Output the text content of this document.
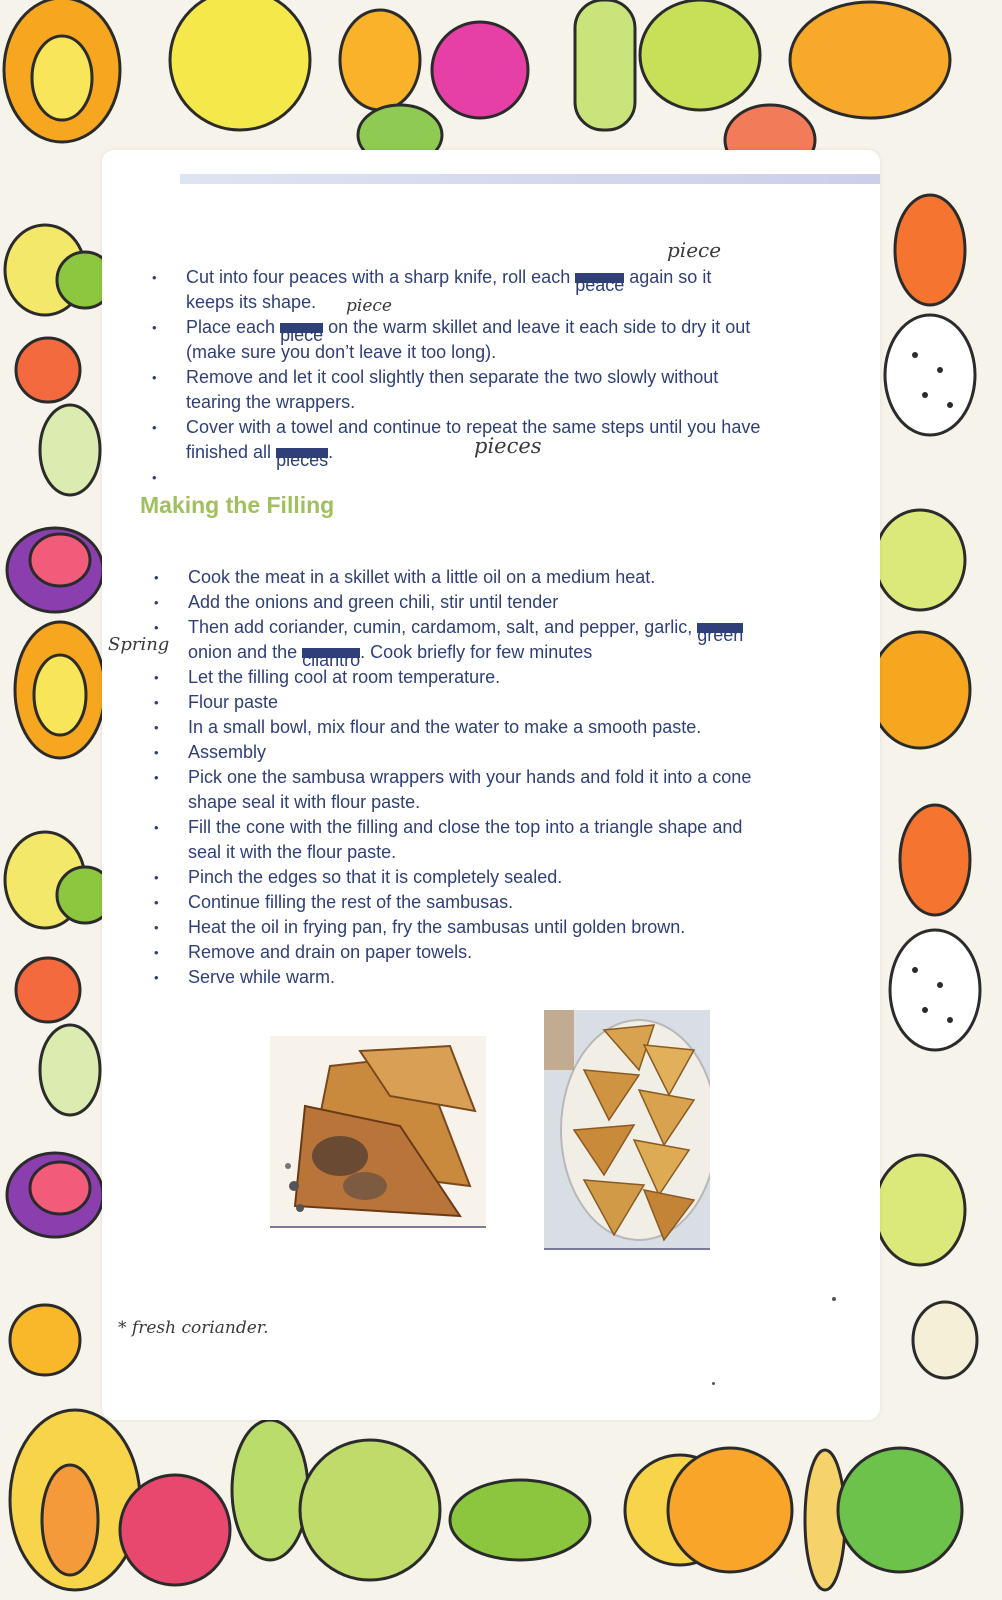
• Cut into four peaces with a sharp knife, roll each peace again so it keeps its shape.
• Place each piece on the warm skillet and leave it each side to dry it out (make sure you don’t leave it too long).
• Remove and let it cool slightly then separate the two slowly without tearing the wrappers.
• Cover with a towel and continue to repeat the same steps until you have finished all pieces.
Making the Filling
• Cook the meat in a skillet with a little oil on a medium heat.
• Add the onions and green chili, stir until tender
• Then add coriander, cumin, cardamom, salt, and pepper, garlic, green onion and the cilantro. Cook briefly for few minutes
• Let the filling cool at room temperature.
• Flour paste
• In a small bowl, mix flour and the water to make a smooth paste.
• Assembly
• Pick one the sambusa wrappers with your hands and fold it into a cone shape seal it with flour paste.
• Fill the cone with the filling and close the top into a triangle shape and seal it with the flour paste.
• Pinch the edges so that it is completely sealed.
• Continue filling the rest of the sambusas.
• Heat the oil in frying pan, fry the sambusas until golden brown.
• Remove and drain on paper towels.
• Serve while warm.
piece
piece
pieces
Spring
* fresh coriander.
